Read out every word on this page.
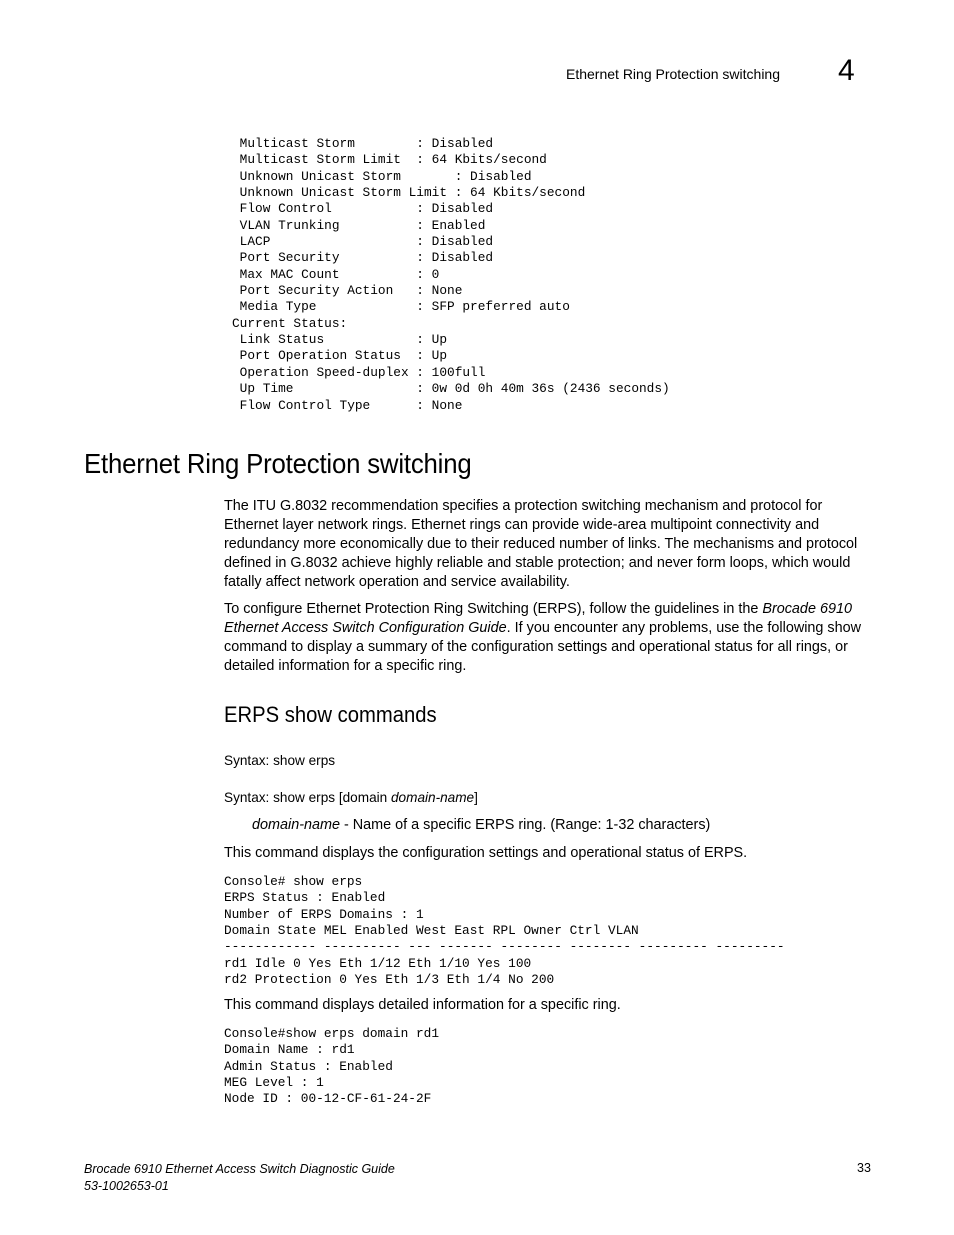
Ethernet Ring Protection switching 4
Multicast Storm        : Disabled
Multicast Storm Limit  : 64 Kbits/second
Unknown Unicast Storm       : Disabled
Unknown Unicast Storm Limit : 64 Kbits/second
Flow Control           : Disabled
VLAN Trunking          : Enabled
LACP                   : Disabled
Port Security          : Disabled
Max MAC Count          : 0
Port Security Action   : None
Media Type             : SFP preferred auto
Current Status:
Link Status            : Up
Port Operation Status  : Up
Operation Speed-duplex : 100full
Up Time                : 0w 0d 0h 40m 36s (2436 seconds)
Flow Control Type      : None
Ethernet Ring Protection switching

The ITU G.8032 recommendation specifies a protection switching mechanism and protocol for Ethernet layer network rings. Ethernet rings can provide wide-area multipoint connectivity and redundancy more economically due to their reduced number of links. The mechanisms and protocol defined in G.8032 achieve highly reliable and stable protection; and never form loops, which would fatally affect network operation and service availability.

To configure Ethernet Protection Ring Switching (ERPS), follow the guidelines in the Brocade 6910 Ethernet Access Switch Configuration Guide. If you encounter any problems, use the following show command to display a summary of the configuration settings and operational status for all rings, or detailed information for a specific ring.

ERPS show commands
Syntax: show erps
Syntax: show erps [domain domain-name]
domain-name - Name of a specific ERPS ring. (Range: 1-32 characters)
This command displays the configuration settings and operational status of ERPS.
Console# show erps
ERPS Status : Enabled
Number of ERPS Domains : 1
Domain State MEL Enabled West East RPL Owner Ctrl VLAN
------------ ---------- --- ------- -------- -------- --------- ---------
rd1 Idle 0 Yes Eth 1/12 Eth 1/10 Yes 100
rd2 Protection 0 Yes Eth 1/3 Eth 1/4 No 200
This command displays detailed information for a specific ring.
Console#show erps domain rd1
Domain Name : rd1
Admin Status : Enabled
MEG Level : 1
Node ID : 00-12-CF-61-24-2F
Brocade 6910 Ethernet Access Switch Diagnostic Guide
53-1002653-01
33
